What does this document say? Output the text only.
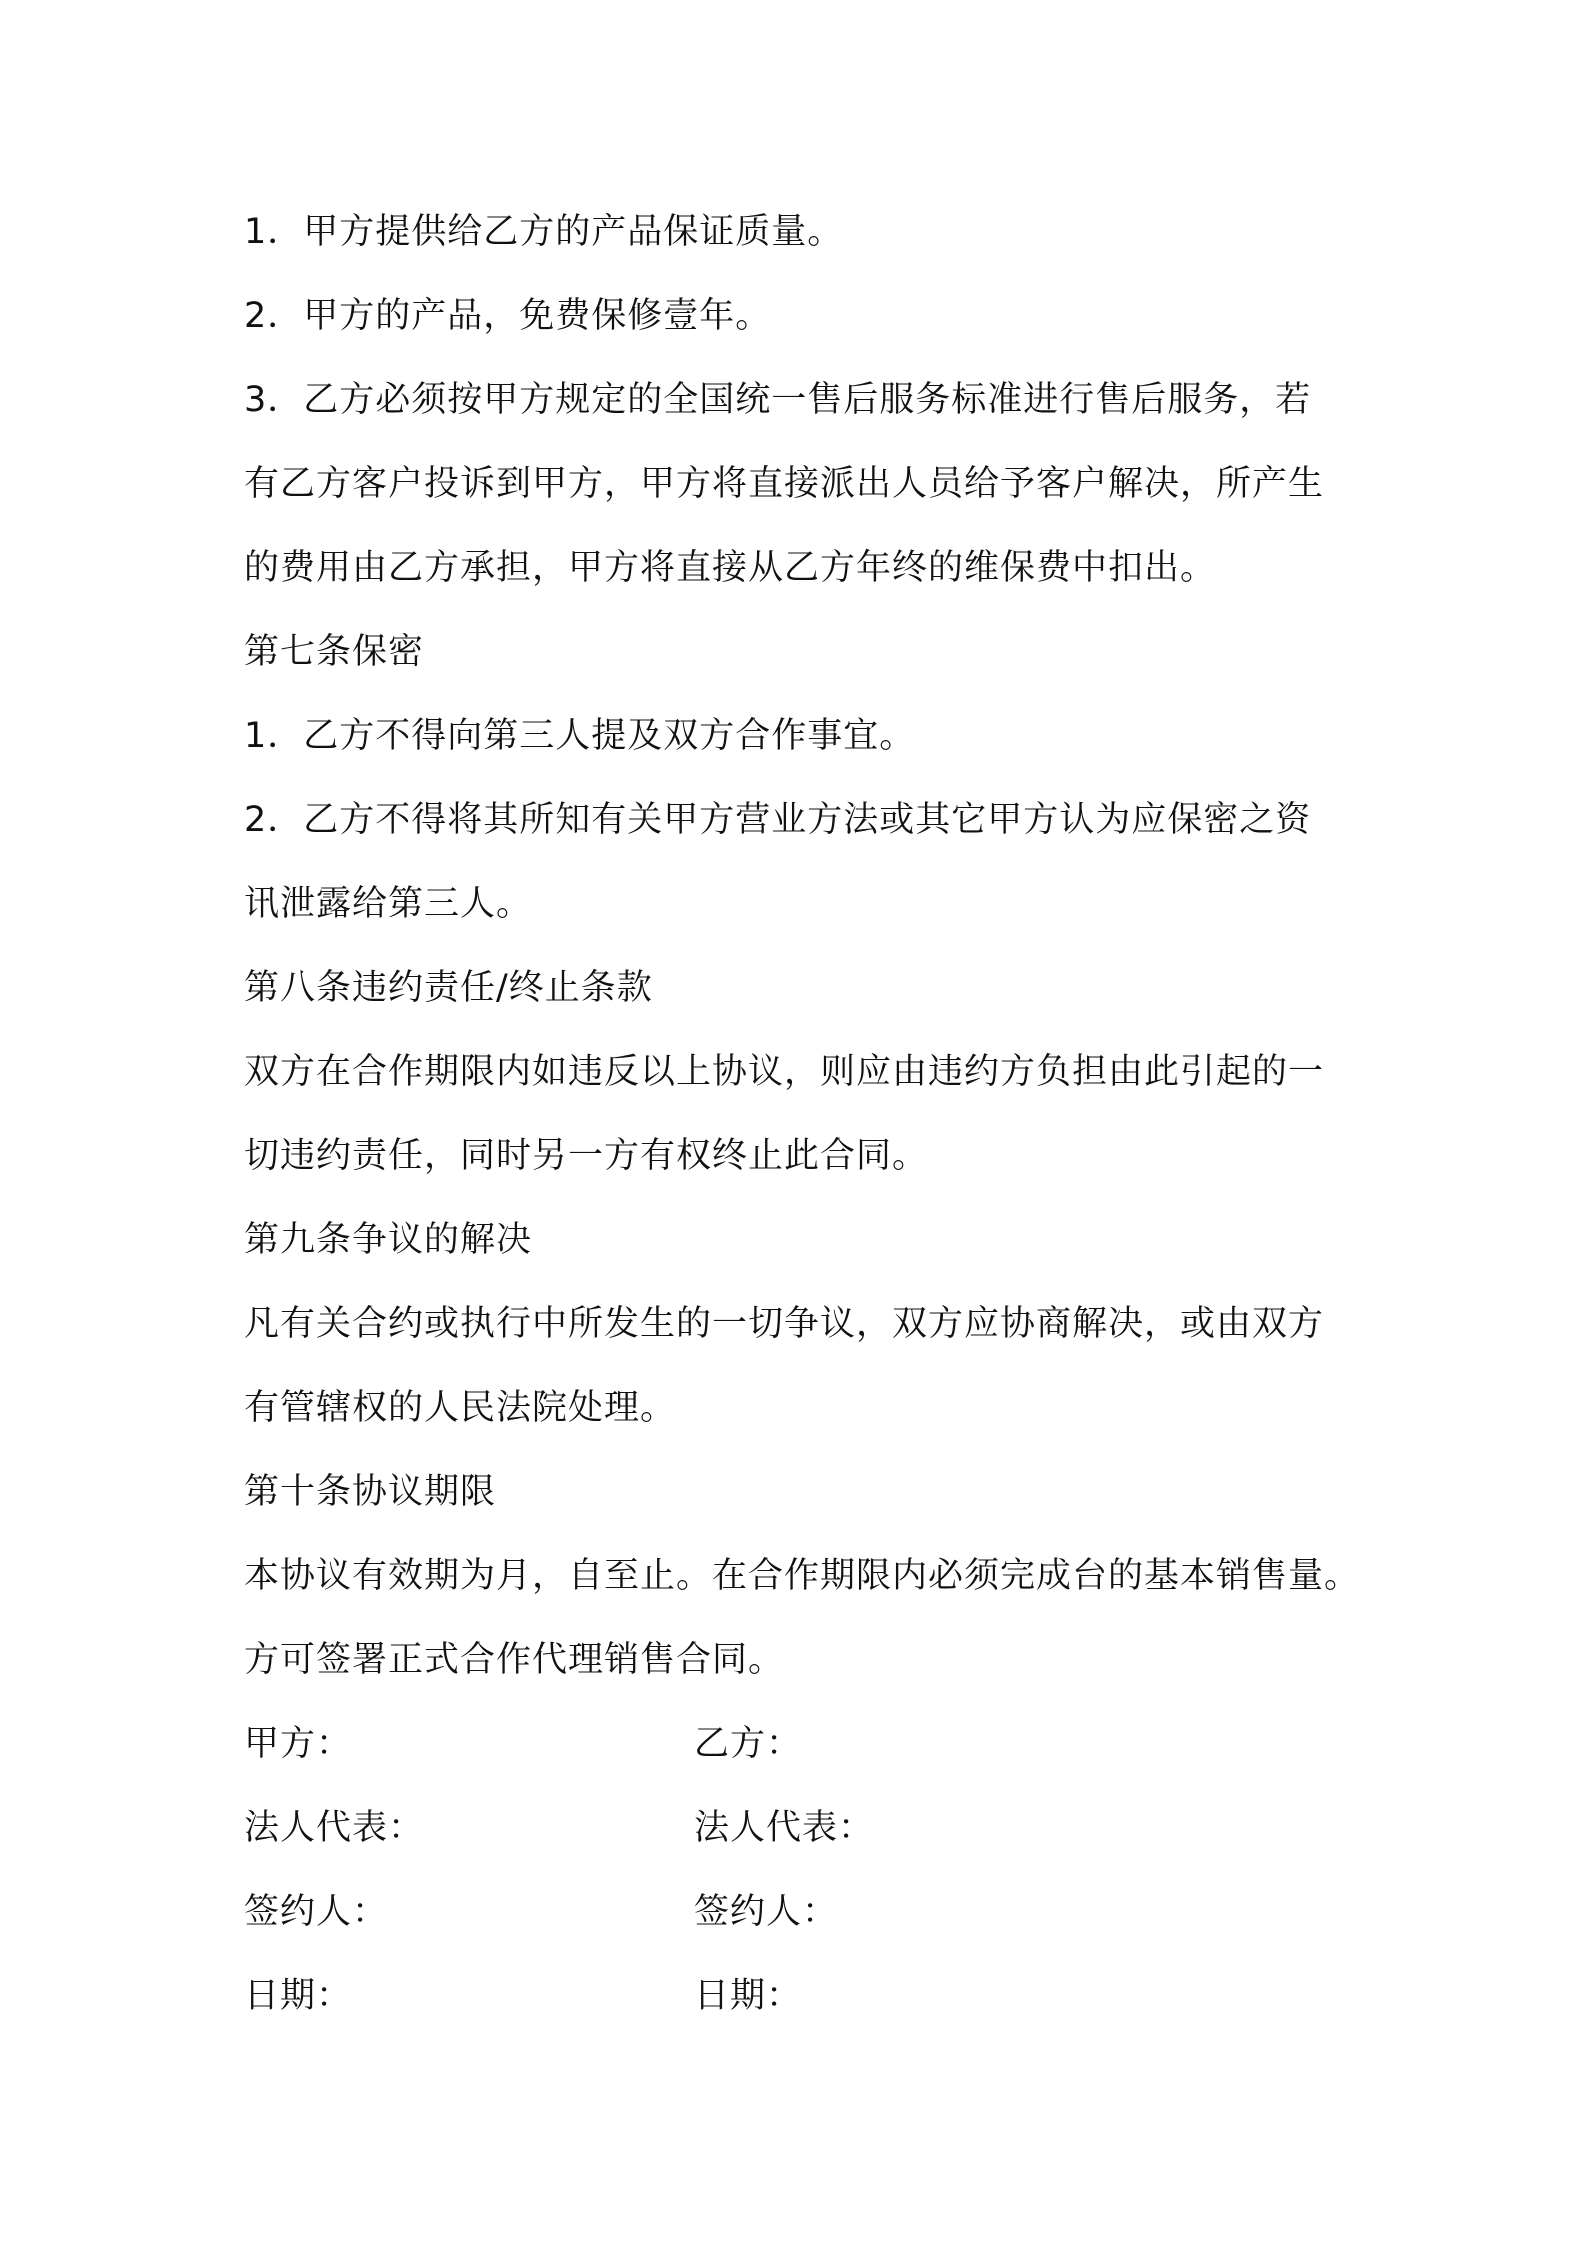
1．甲方提供给乙方的产品保证质量。
2．甲方的产品，免费保修壹年。
3．乙方必须按甲方规定的全国统一售后服务标准进行售后服务，若
有乙方客户投诉到甲方，甲方将直接派出人员给予客户解决，所产生
的费用由乙方承担，甲方将直接从乙方年终的维保费中扣出。
第七条保密
1．乙方不得向第三人提及双方合作事宜。
2．乙方不得将其所知有关甲方营业方法或其它甲方认为应保密之资
讯泄露给第三人。
第八条违约责任/终止条款
双方在合作期限内如违反以上协议，则应由违约方负担由此引起的一
切违约责任，同时另一方有权终止此合同。
第九条争议的解决
凡有关合约或执行中所发生的一切争议，双方应协商解决，或由双方
有管辖权的人民法院处理。
第十条协议期限
本协议有效期为月，自至止。在合作期限内必须完成台的基本销售量。
方可签署正式合作代理销售合同。
甲方：	乙方：
法人代表：	法人代表：
签约人：	签约人：
日期：	日期：
